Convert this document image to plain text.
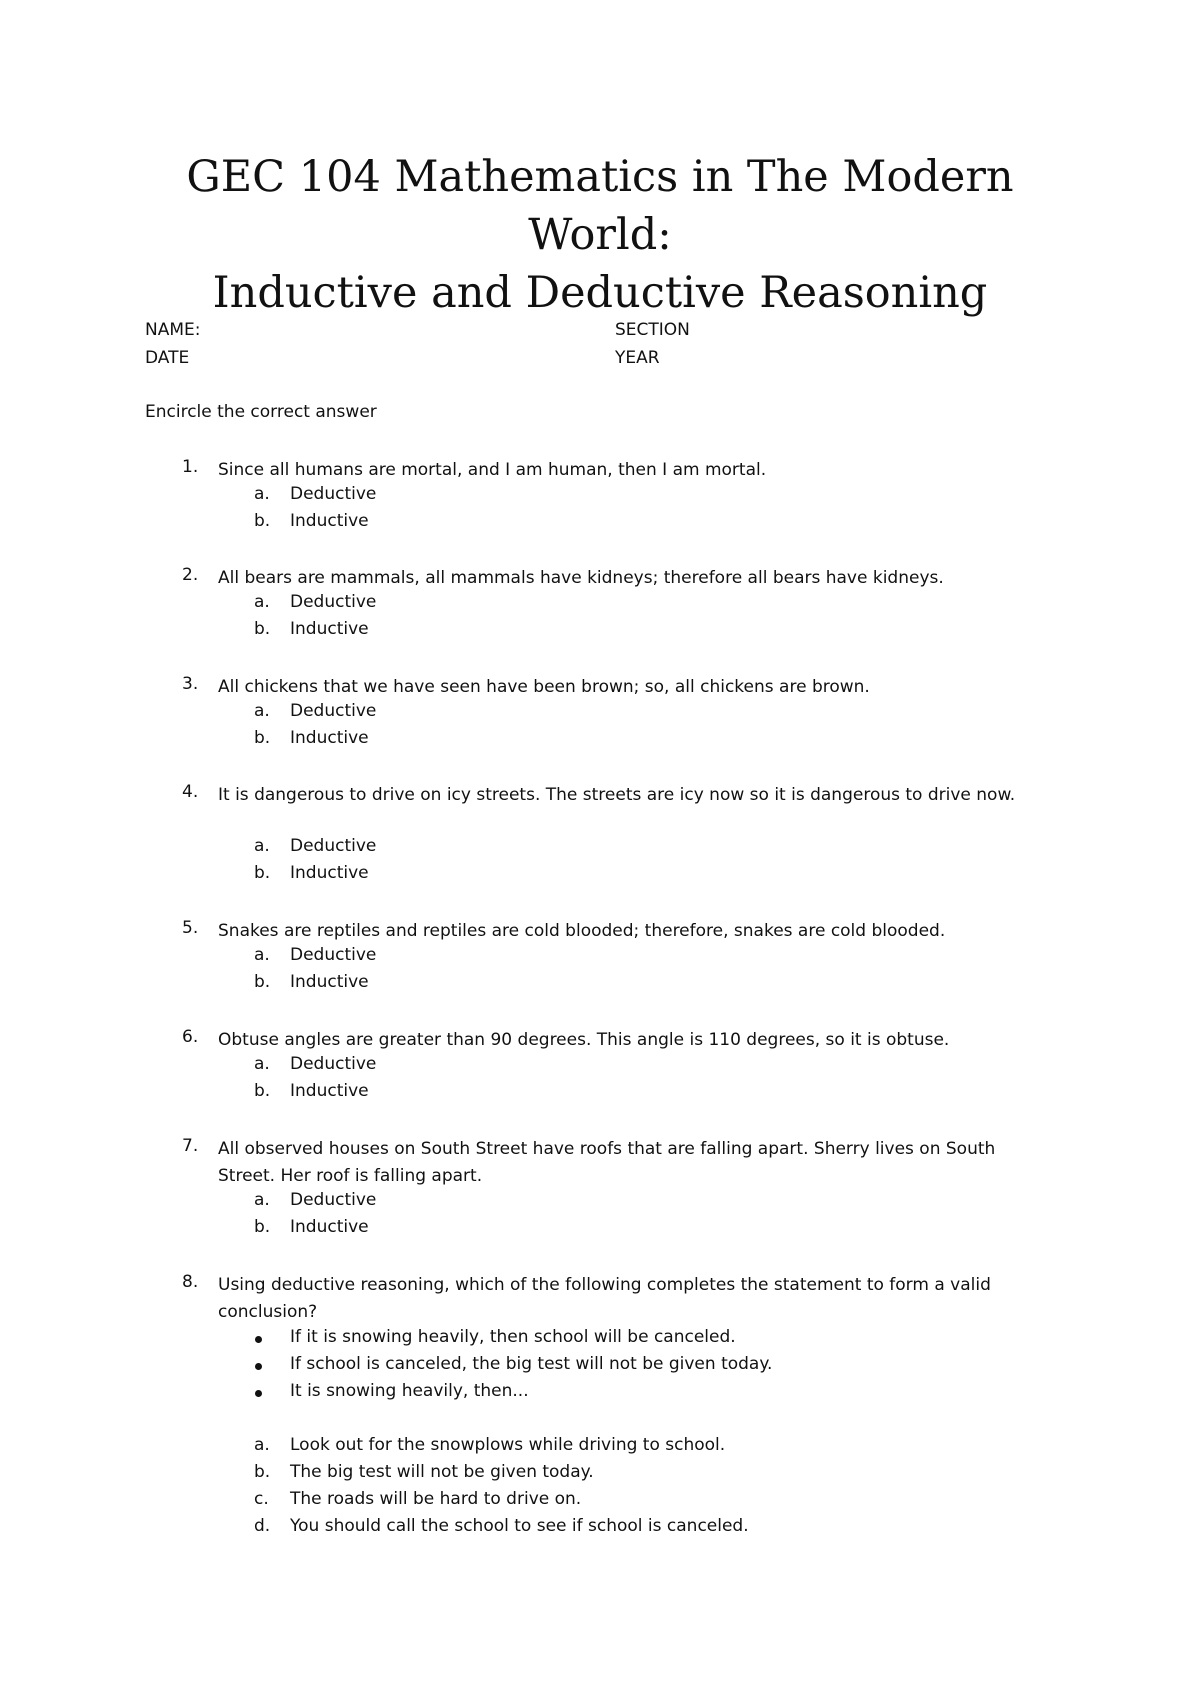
GEC 104 Mathematics in The Modern
World:
Inductive and Deductive Reasoning
NAME:	SECTION
DATE	YEAR
Encircle the correct answer
1.	Since all humans are mortal, and I am human, then I am mortal.
a. Deductive
b. Inductive
2.	All bears are mammals, all mammals have kidneys; therefore all bears have kidneys.
a. Deductive
b. Inductive
3.	All chickens that we have seen have been brown; so, all chickens are brown.
a. Deductive
b. Inductive
4.	It is dangerous to drive on icy streets. The streets are icy now so it is dangerous to drive now.
a. Deductive
b. Inductive
5.	Snakes are reptiles and reptiles are cold blooded; therefore, snakes are cold blooded.
a. Deductive
b. Inductive
6.	Obtuse angles are greater than 90 degrees. This angle is 110 degrees, so it is obtuse.
a. Deductive
b. Inductive
7.	All observed houses on South Street have roofs that are falling apart. Sherry lives on South Street. Her roof is falling apart.
a. Deductive
b. Inductive
8.	Using deductive reasoning, which of the following completes the statement to form a valid conclusion?
If it is snowing heavily, then school will be canceled.
If school is canceled, the big test will not be given today.
It is snowing heavily, then...
a. Look out for the snowplows while driving to school.
b. The big test will not be given today.
c. The roads will be hard to drive on.
d. You should call the school to see if school is canceled.
